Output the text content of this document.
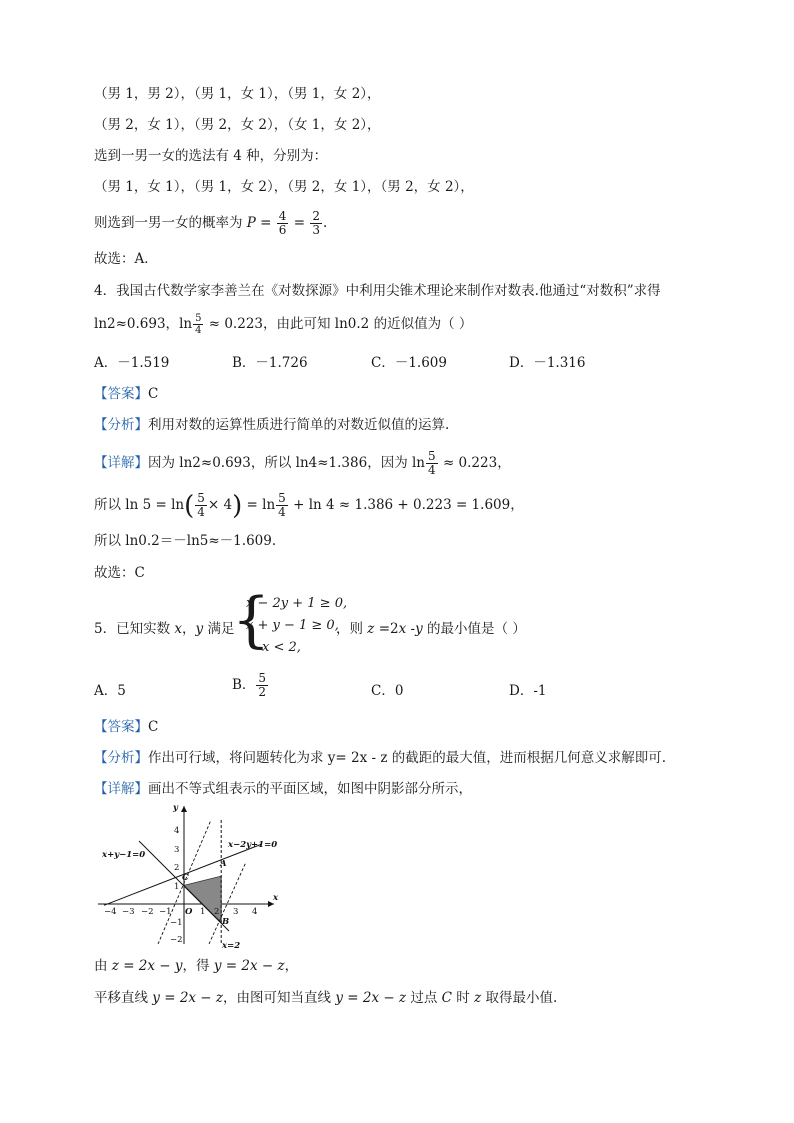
（男 1，男 2），（男 1，女 1），（男 1，女 2），
（男 2，女 1），（男 2，女 2），（女 1，女 2），
选到一男一女的选法有 4 种，分别为：
（男 1，女 1），（男 1，女 2），（男 2，女 1），（男 2，女 2），
则选到一男一女的概率为 $P = \frac{4}{6} = \frac{2}{3}$ .
故选：A．
4．我国古代数学家李善兰在《对数探源》中利用尖锥术理论来制作对数表.他通过“对数积”求得
ln2≈0.693，$\ln \frac{5}{4} \approx 0.223$，由此可知 ln0.2 的近似值为（ ）
A．－1.519	B．－1.726	C．－1.609	D．－1.316
【答案】C
【分析】利用对数的运算性质进行简单的对数近似值的运算.
【详解】因为 ln2≈0.693，所以 ln4≈1.386，因为 $\ln \frac{5}{4} \approx 0.223$，
所以 $\ln 5 = \ln( \frac{5}{4} \times 4) = \ln \frac{5}{4} + \ln 4 \approx 1.386 + 0.223 = 1.609$，
所以 ln0.2＝－ln5≈－1.609.
故选：C
5．已知实数 x，y 满足
{
x − 2y + 1 ≥ 0,
x + y − 1 ≥ 0,
x < 2,
，则 z =2x -y 的最小值是（ ）
A．5	B． $\frac{5}{2}$	C．0	D．-1
【答案】C
【分析】作出可行域，将问题转化为求 y= 2x - z 的截距的最大值，进而根据几何意义求解即可.
【详解】画出不等式组表示的平面区域，如图中阴影部分所示，
−4 −3 −2 −1	1 2 3 4
1
2
3
4
−1
−2
x+y−1=0
x−2y+1=0
x=2
x
y
O
A
B
C
由 z = 2x − y，得 y = 2x − z，
平移直线 y = 2x − z，由图可知当直线 y = 2x − z 过点 C 时 z 取得最小值.
